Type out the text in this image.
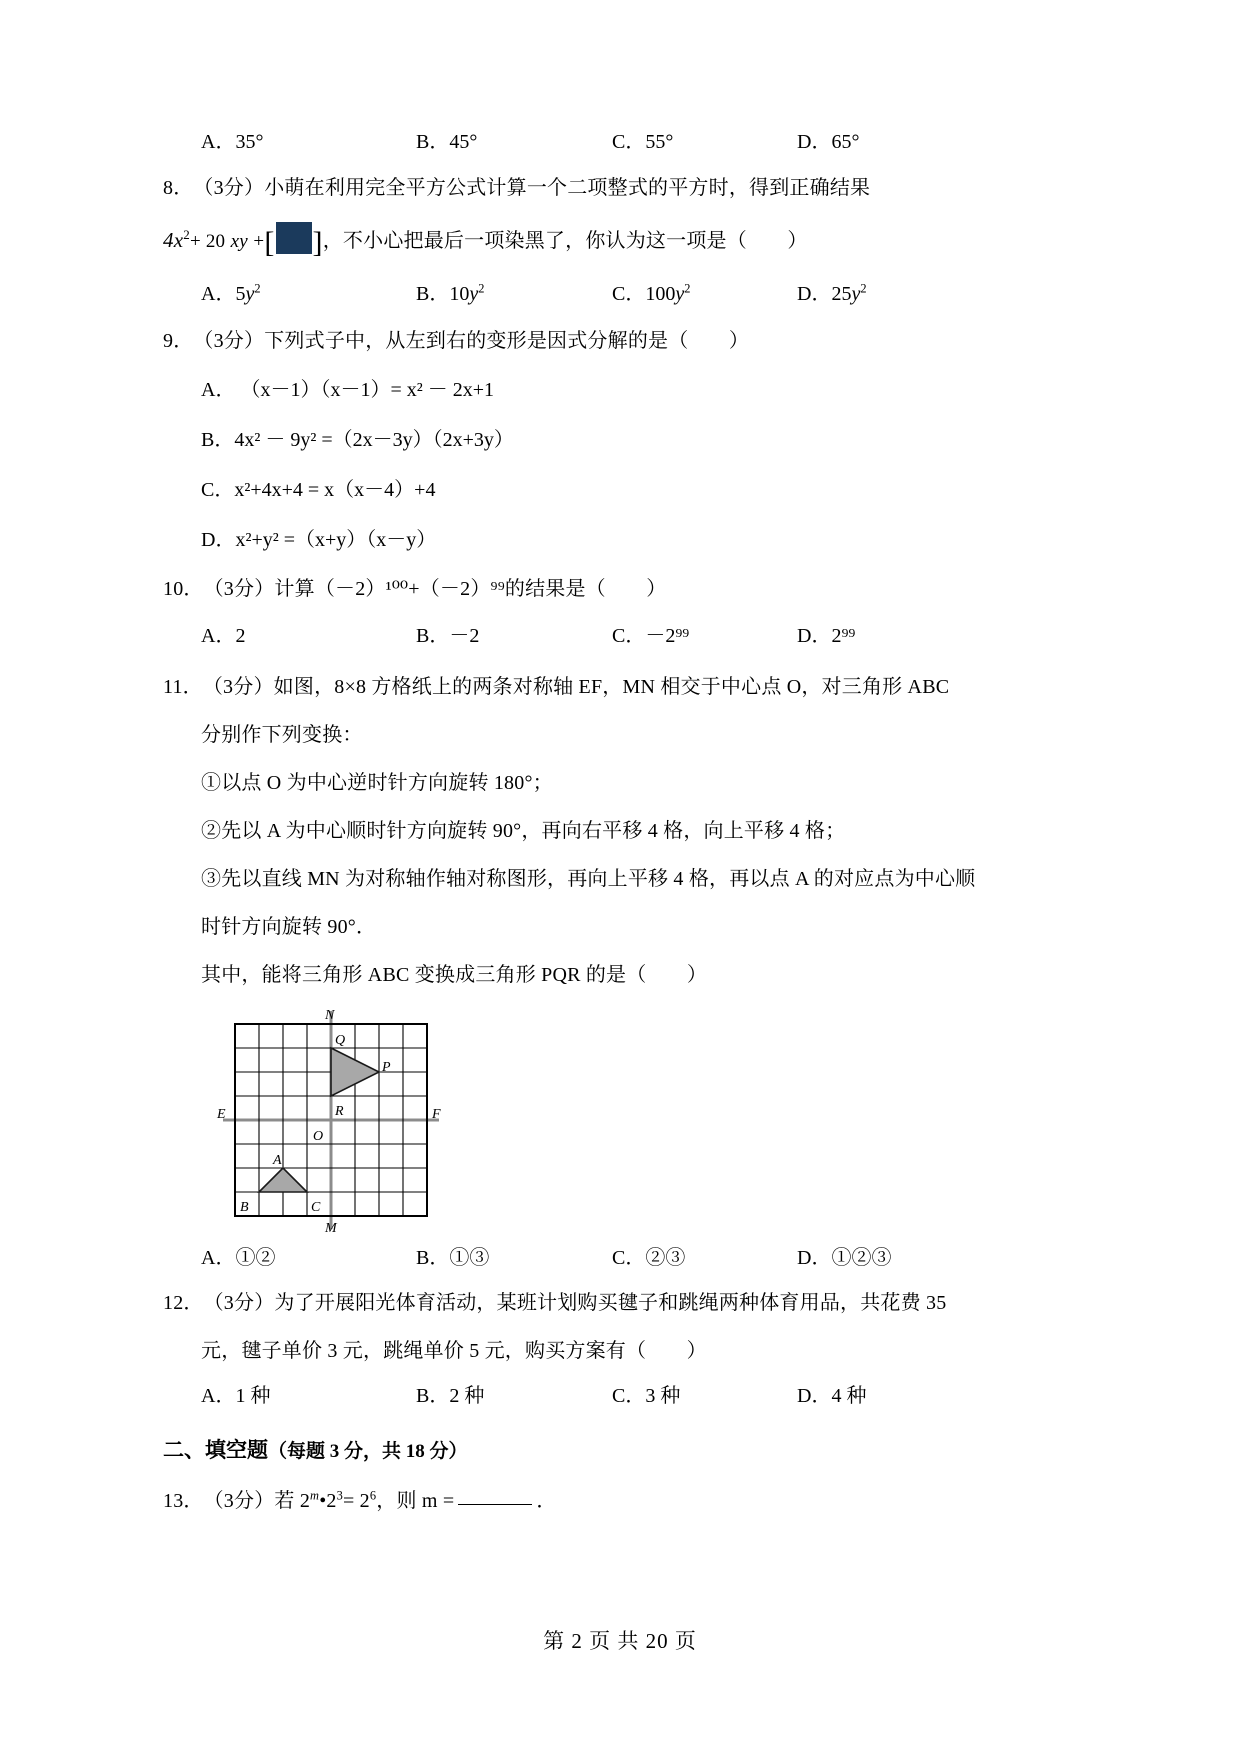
A．35°	B．45°	C．55°	D．65°
8．（3分）小萌在利用完全平方公式计算一个二项整式的平方时，得到正确结果
$4x^2+ 20$ xy +[ ]，不小心把最后一项染黑了，你认为这一项是（　　）
A．$5y^2$	B．$10y^2$	C．$100y^2$	D．$25y^2$
9．（3分）下列式子中，从左到右的变形是因式分解的是（　　）
A． （x－1）（x－1）= x² － 2x+1
B．4x² － 9y² =（2x－3y）（2x+3y）
C．x²+4x+4 = x（x－4）+4
D．x²+y² =（x+y）（x－y）
10．（3分）计算（－2）¹⁰⁰+（－2）⁹⁹的结果是（　　）
A．2	B．－2	C．－2⁹⁹	D．2⁹⁹
11．（3分）如图，8×8 方格纸上的两条对称轴 EF，MN 相交于中心点 O，对三角形 ABC
分别作下列变换：
①以点 O 为中心逆时针方向旋转 180°；
②先以 A 为中心顺时针方向旋转 90°，再向右平移 4 格，向上平移 4 格；
③先以直线 MN 为对称轴作轴对称图形，再向上平移 4 格，再以点 A 的对应点为中心顺
时针方向旋转 90°．
其中，能将三角形 ABC 变换成三角形 PQR 的是（　　）
N
M
E	F
O
Q
P
R
A
B	C
A．①②	B．①③	C．②③	D．①②③
12．（3分）为了开展阳光体育活动，某班计划购买毽子和跳绳两种体育用品，共花费 35
元，毽子单价 3 元，跳绳单价 5 元，购买方案有（　　）
A．1 种	B．2 种	C．3 种	D．4 种
二、填空题（每题 3 分，共 18 分）
13．（3分）若 $2^m•2^3= 2^6$，则 m =	．
第 2 页 共 20 页
